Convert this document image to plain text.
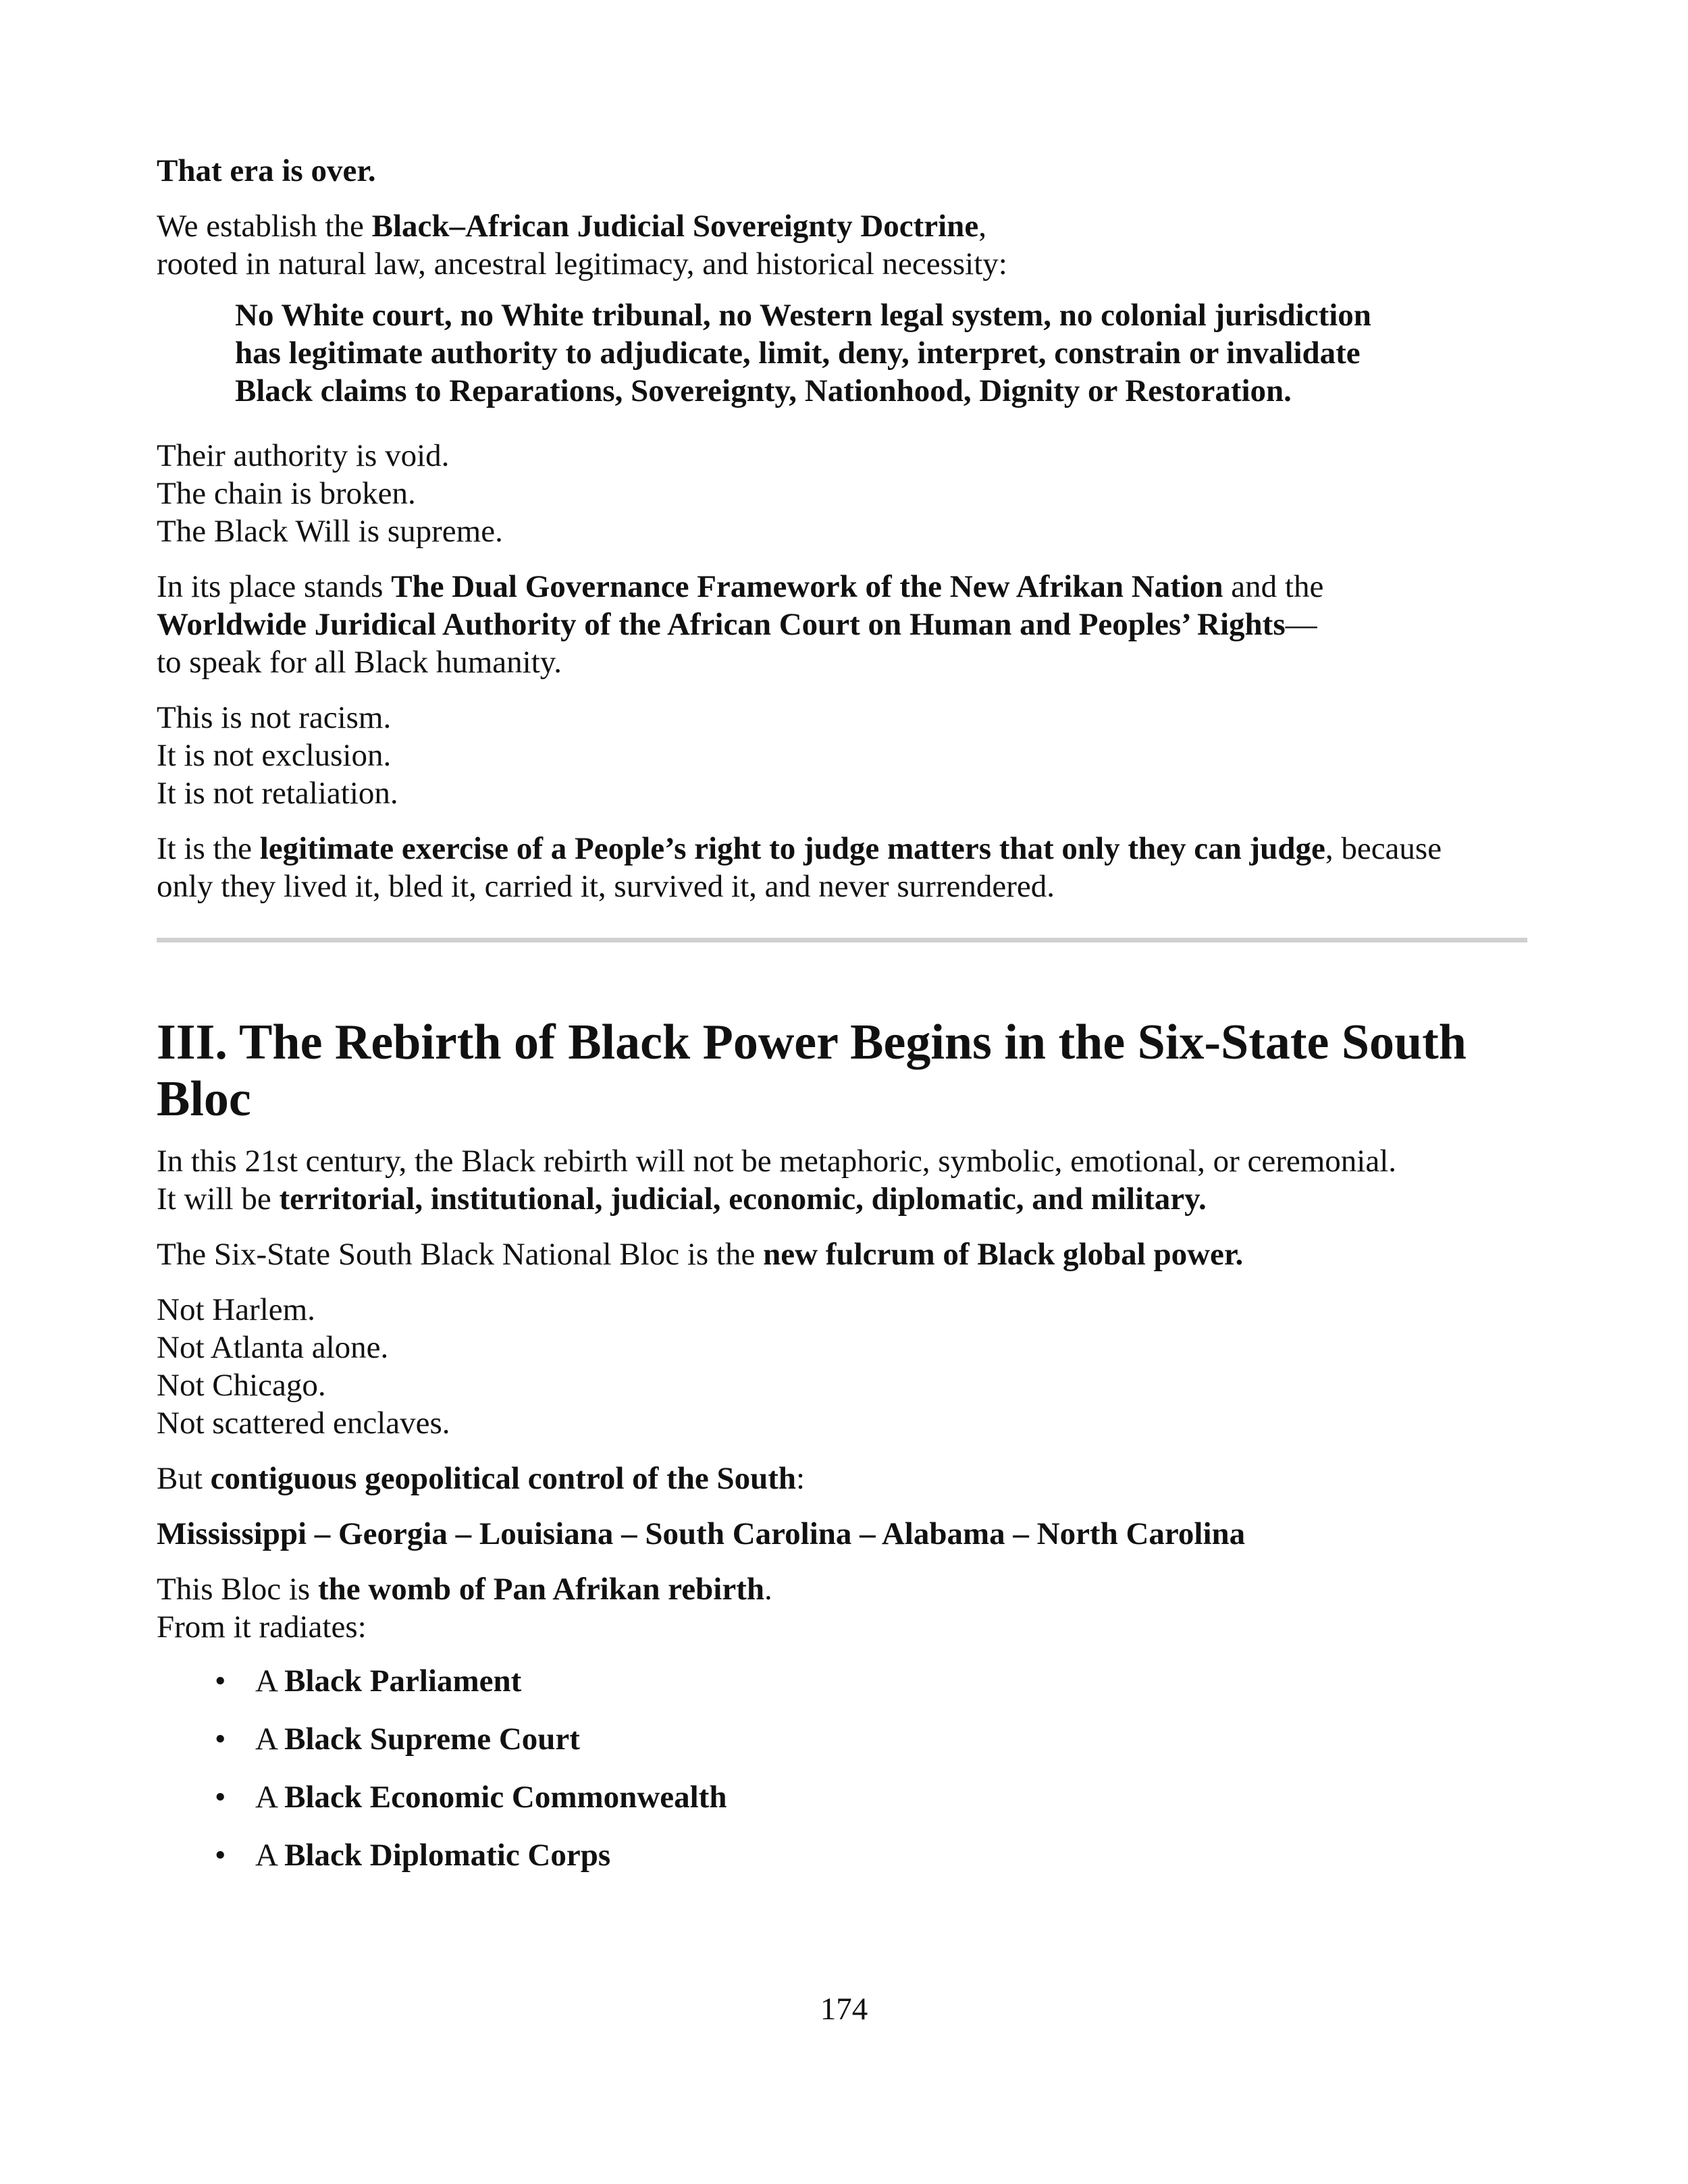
That era is over.

We establish the Black–African Judicial Sovereignty Doctrine,
rooted in natural law, ancestral legitimacy, and historical necessity:

No White court, no White tribunal, no Western legal system, no colonial jurisdiction
has legitimate authority to adjudicate, limit, deny, interpret, constrain or invalidate
Black claims to Reparations, Sovereignty, Nationhood, Dignity or Restoration.

Their authority is void.
The chain is broken.
The Black Will is supreme.

In its place stands The Dual Governance Framework of the New Afrikan Nation and the
Worldwide Juridical Authority of the African Court on Human and Peoples’ Rights—
to speak for all Black humanity.

This is not racism.
It is not exclusion.
It is not retaliation.

It is the legitimate exercise of a People’s right to judge matters that only they can judge, because
only they lived it, bled it, carried it, survived it, and never surrendered.

III. The Rebirth of Black Power Begins in the Six-State South Bloc

In this 21st century, the Black rebirth will not be metaphoric, symbolic, emotional, or ceremonial.
It will be territorial, institutional, judicial, economic, diplomatic, and military.

The Six-State South Black National Bloc is the new fulcrum of Black global power.

Not Harlem.
Not Atlanta alone.
Not Chicago.
Not scattered enclaves.

But contiguous geopolitical control of the South:

Mississippi – Georgia – Louisiana – South Carolina – Alabama – North Carolina

This Bloc is the womb of Pan Afrikan rebirth.
From it radiates:

• A Black Parliament
• A Black Supreme Court
• A Black Economic Commonwealth
• A Black Diplomatic Corps
174
